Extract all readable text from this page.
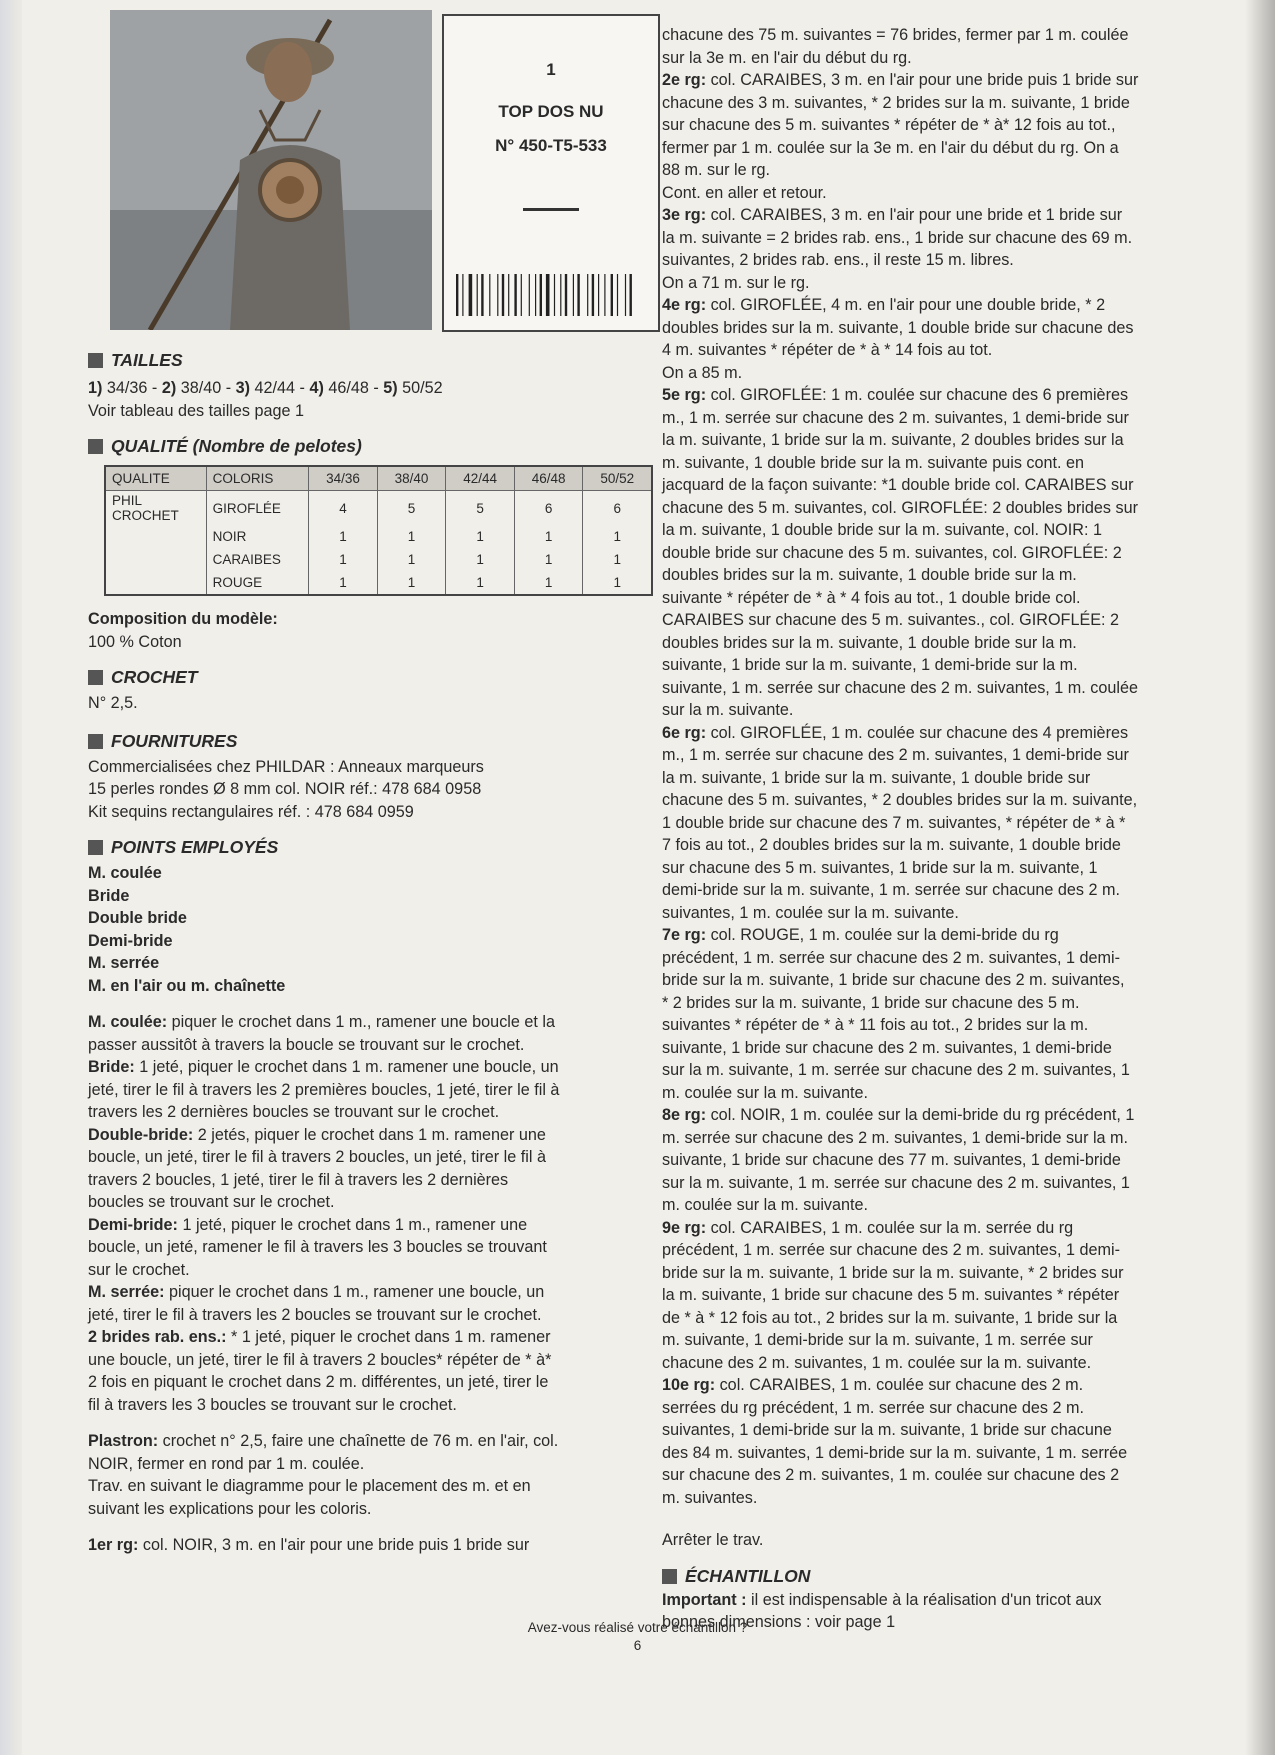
1
TOP DOS NU
N° 450-T5-533
TAILLES

1) 34/36 - 2) 38/40 - 3) 42/44 - 4) 46/48 - 5) 50/52

Voir tableau des tailles page 1

QUALITÉ (Nombre de pelotes)
QUALITE	COLORIS	34/36	38/40	42/44	46/48	50/52
PHIL CROCHET	GIROFLÉE	4	5	5	6	6
	NOIR	1	1	1	1	1
	CARAIBES	1	1	1	1	1
	ROUGE	1	1	1	1	1

Composition du modèle:

100 % Coton

CROCHET

N° 2,5.

FOURNITURES

Commercialisées chez PHILDAR : Anneaux marqueurs

15 perles rondes Ø 8 mm col. NOIR réf.: 478 684 0958

Kit sequins rectangulaires réf. : 478 684 0959

POINTS EMPLOYÉS

M. coulée

Bride

Double bride

Demi-bride

M. serrée

M. en l'air ou m. chaînette

M. coulée: piquer le crochet dans 1 m., ramener une boucle et la

passer aussitôt à travers la boucle se trouvant sur le crochet.

Bride: 1 jeté, piquer le crochet dans 1 m. ramener une boucle, un

jeté, tirer le fil à travers les 2 premières boucles, 1 jeté, tirer le fil à

travers les 2 dernières boucles se trouvant sur le crochet.

Double-bride: 2 jetés, piquer le crochet dans 1 m. ramener une

boucle, un jeté, tirer le fil à travers 2 boucles, un jeté, tirer le fil à

travers 2 boucles, 1 jeté, tirer le fil à travers les 2 dernières

boucles se trouvant sur le crochet.

Demi-bride: 1 jeté, piquer le crochet dans 1 m., ramener une

boucle, un jeté, ramener le fil à travers les 3 boucles se trouvant

sur le crochet.

M. serrée: piquer le crochet dans 1 m., ramener une boucle, un

jeté, tirer le fil à travers les 2 boucles se trouvant sur le crochet.

2 brides rab. ens.: * 1 jeté, piquer le crochet dans 1 m. ramener

une boucle, un jeté, tirer le fil à travers 2 boucles* répéter de * à*

2 fois en piquant le crochet dans 2 m. différentes, un jeté, tirer le

fil à travers les 3 boucles se trouvant sur le crochet.

Plastron: crochet n° 2,5, faire une chaînette de 76 m. en l'air, col.

NOIR, fermer en rond par 1 m. coulée.

Trav. en suivant le diagramme pour le placement des m. et en

suivant les explications pour les coloris.

1er rg: col. NOIR, 3 m. en l'air pour une bride puis 1 bride sur

chacune des 75 m. suivantes = 76 brides, fermer par 1 m. coulée

sur la 3e m. en l'air du début du rg.

2e rg: col. CARAIBES, 3 m. en l'air pour une bride puis 1 bride sur

chacune des 3 m. suivantes, * 2 brides sur la m. suivante, 1 bride

sur chacune des 5 m. suivantes * répéter de * à* 12 fois au tot.,

fermer par 1 m. coulée sur la 3e m. en l'air du début du rg. On a

88 m. sur le rg.

Cont. en aller et retour.

3e rg: col. CARAIBES, 3 m. en l'air pour une bride et 1 bride sur

la m. suivante = 2 brides rab. ens., 1 bride sur chacune des 69 m.

suivantes, 2 brides rab. ens., il reste 15 m. libres.

On a 71 m. sur le rg.

4e rg: col. GIROFLÉE, 4 m. en l'air pour une double bride, * 2

doubles brides sur la m. suivante, 1 double bride sur chacune des

4 m. suivantes * répéter de * à * 14 fois au tot.

On a 85 m.

5e rg: col. GIROFLÉE: 1 m. coulée sur chacune des 6 premières

m., 1 m. serrée sur chacune des 2 m. suivantes, 1 demi-bride sur

la m. suivante, 1 bride sur la m. suivante, 2 doubles brides sur la

m. suivante, 1 double bride sur la m. suivante puis cont. en

jacquard de la façon suivante: *1 double bride col. CARAIBES sur

chacune des 5 m. suivantes, col. GIROFLÉE: 2 doubles brides sur

la m. suivante, 1 double bride sur la m. suivante, col. NOIR: 1

double bride sur chacune des 5 m. suivantes, col. GIROFLÉE: 2

doubles brides sur la m. suivante, 1 double bride sur la m.

suivante * répéter de * à * 4 fois au tot., 1 double bride col.

CARAIBES sur chacune des 5 m. suivantes., col. GIROFLÉE: 2

doubles brides sur la m. suivante, 1 double bride sur la m.

suivante, 1 bride sur la m. suivante, 1 demi-bride sur la m.

suivante, 1 m. serrée sur chacune des 2 m. suivantes, 1 m. coulée

sur la m. suivante.

6e rg: col. GIROFLÉE, 1 m. coulée sur chacune des 4 premières

m., 1 m. serrée sur chacune des 2 m. suivantes, 1 demi-bride sur

la m. suivante, 1 bride sur la m. suivante, 1 double bride sur

chacune des 5 m. suivantes, * 2 doubles brides sur la m. suivante,

1 double bride sur chacune des 7 m. suivantes, * répéter de * à *

7 fois au tot., 2 doubles brides sur la m. suivante, 1 double bride

sur chacune des 5 m. suivantes, 1 bride sur la m. suivante, 1

demi-bride sur la m. suivante, 1 m. serrée sur chacune des 2 m.

suivantes, 1 m. coulée sur la m. suivante.

7e rg: col. ROUGE, 1 m. coulée sur la demi-bride du rg

précédent, 1 m. serrée sur chacune des 2 m. suivantes, 1 demi-

bride sur la m. suivante, 1 bride sur chacune des 2 m. suivantes,

* 2 brides sur la m. suivante, 1 bride sur chacune des 5 m.

suivantes * répéter de * à * 11 fois au tot., 2 brides sur la m.

suivante, 1 bride sur chacune des 2 m. suivantes, 1 demi-bride

sur la m. suivante, 1 m. serrée sur chacune des 2 m. suivantes, 1

m. coulée sur la m. suivante.

8e rg: col. NOIR, 1 m. coulée sur la demi-bride du rg précédent, 1

m. serrée sur chacune des 2 m. suivantes, 1 demi-bride sur la m.

suivante, 1 bride sur chacune des 77 m. suivantes, 1 demi-bride

sur la m. suivante, 1 m. serrée sur chacune des 2 m. suivantes, 1

m. coulée sur la m. suivante.

9e rg: col. CARAIBES, 1 m. coulée sur la m. serrée du rg

précédent, 1 m. serrée sur chacune des 2 m. suivantes, 1 demi-

bride sur la m. suivante, 1 bride sur la m. suivante, * 2 brides sur

la m. suivante, 1 bride sur chacune des 5 m. suivantes * répéter

de * à * 12 fois au tot., 2 brides sur la m. suivante, 1 bride sur la

m. suivante, 1 demi-bride sur la m. suivante, 1 m. serrée sur

chacune des 2 m. suivantes, 1 m. coulée sur la m. suivante.

10e rg: col. CARAIBES, 1 m. coulée sur chacune des 2 m.

serrées du rg précédent, 1 m. serrée sur chacune des 2 m.

suivantes, 1 demi-bride sur la m. suivante, 1 bride sur chacune

des 84 m. suivantes, 1 demi-bride sur la m. suivante, 1 m. serrée

sur chacune des 2 m. suivantes, 1 m. coulée sur chacune des 2

m. suivantes.

Arrêter le trav.

ÉCHANTILLON

Important : il est indispensable à la réalisation d'un tricot aux

bonnes dimensions : voir page 1

Avez-vous réalisé votre échantillon ?
6
